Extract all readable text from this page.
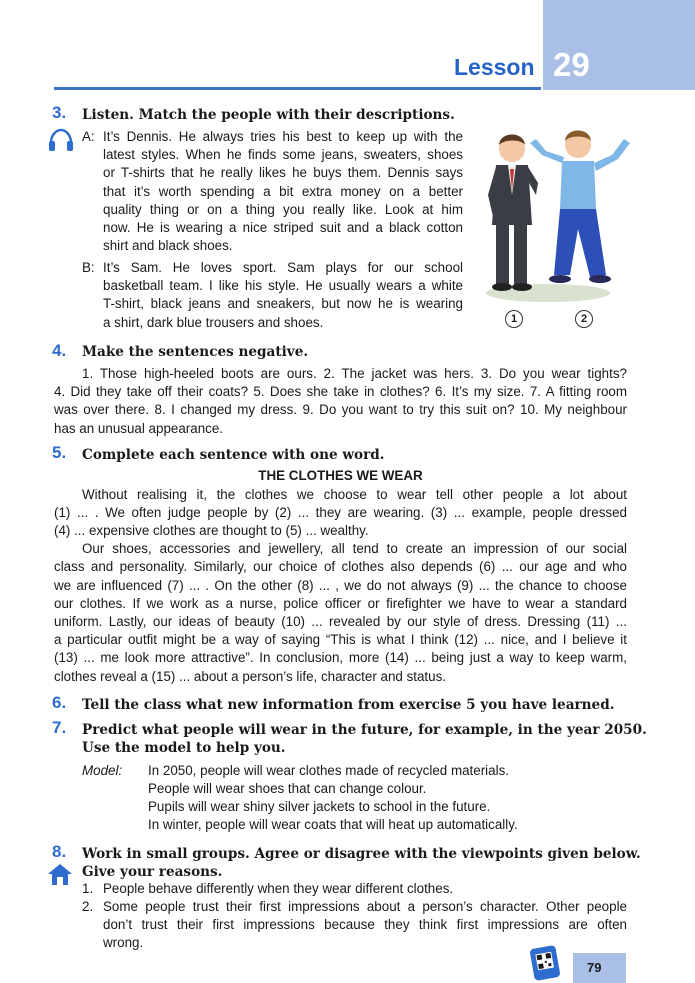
Lesson 29
3. Listen. Match the people with their descriptions.
A: It’s Dennis. He always tries his best to keep up with the
latest styles. When he finds some jeans, sweaters, shoes
or T-shirts that he really likes he buys them. Dennis says
that it’s worth spending a bit extra money on a better
quality thing or on a thing you really like. Look at him
now. He is wearing a nice striped suit and a black cotton
shirt and black shoes.
B: It’s Sam. He loves sport. Sam plays for our school
basketball team. I like his style. He usually wears a white
T-shirt, black jeans and sneakers, but now he is wearing
a shirt, dark blue trousers and shoes.	1	2
4. Make the sentences negative.
1. Those high-heeled boots are ours. 2. The jacket was hers. 3. Do you wear tights?
4. Did they take off their coats? 5. Does she take in clothes? 6. It’s my size. 7. A fitting room
was over there. 8. I changed my dress. 9. Do you want to try this suit on? 10. My neighbour
has an unusual appearance.
5. Complete each sentence with one word.
THE CLOTHES WE WEAR
Without realising it, the clothes we choose to wear tell other people a lot about
(1) ... . We often judge people by (2) ... they are wearing. (3) ... example, people dressed
(4) ... expensive clothes are thought to (5) ... wealthy.
Our shoes, accessories and jewellery, all tend to create an impression of our social
class and personality. Similarly, our choice of clothes also depends (6) ... our age and who
we are influenced (7) ... . On the other (8) ... , we do not always (9) ... the chance to choose
our clothes. If we work as a nurse, police officer or firefighter we have to wear a standard
uniform. Lastly, our ideas of beauty (10) ... revealed by our style of dress. Dressing (11) ...
a particular outfit might be a way of saying “This is what I think (12) ... nice, and I believe it
(13) ... me look more attractive”. In conclusion, more (14) ... being just a way to keep warm,
clothes reveal a (15) ... about a person’s life, character and status.
6. Tell the class what new information from exercise 5 you have learned.
7. Predict what people will wear in the future, for example, in the year 2050.
Use the model to help you.
Model: In 2050, people will wear clothes made of recycled materials.
People will wear shoes that can change colour.
Pupils will wear shiny silver jackets to school in the future.
In winter, people will wear coats that will heat up automatically.
8. Work in small groups. Agree or disagree with the viewpoints given below.
Give your reasons.
1. People behave differently when they wear different clothes.
2. Some people trust their first impressions about a person’s character. Other people
don’t trust their first impressions because they think first impressions are often
wrong.
79
